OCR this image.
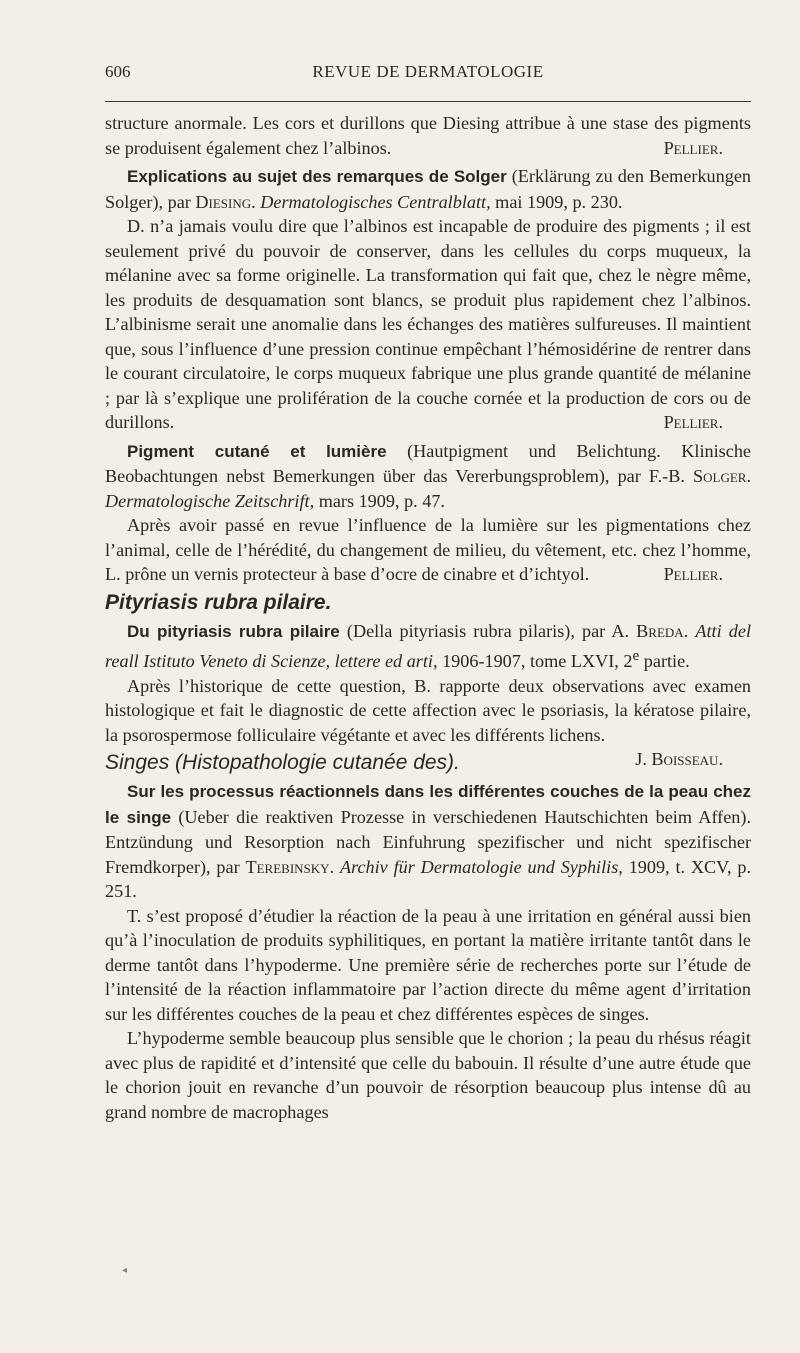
606	REVUE DE DERMATOLOGIE

structure anormale. Les cors et durillons que Diesing attribue à une stase des pigments se produisent également chez l’albinos.	Pellier.

Explications au sujet des remarques de Solger (Erklärung zu den Bemerkungen Solger), par Diesing. Dermatologisches Centralblatt, mai 1909, p. 230.

D. n’a jamais voulu dire que l’albinos est incapable de produire des pigments ; il est seulement privé du pouvoir de conserver, dans les cellules du corps muqueux, la mélanine avec sa forme originelle. La transformation qui fait que, chez le nègre même, les produits de desquamation sont blancs, se produit plus rapidement chez l’albinos. L’albinisme serait une anomalie dans les échanges des matières sulfureuses. Il maintient que, sous l’influence d’une pression continue empêchant l’hémosidérine de rentrer dans le courant circulatoire, le corps muqueux fabrique une plus grande quantité de mélanine ; par là s’explique une prolifération de la couche cornée et la production de cors ou de durillons.	Pellier.

Pigment cutané et lumière (Hautpigment und Belichtung. Klinische Beobachtungen nebst Bemerkungen über das Vererbungsproblem), par F.-B. Solger. Dermatologische Zeitschrift, mars 1909, p. 47.

Après avoir passé en revue l’influence de la lumière sur les pigmentations chez l’animal, celle de l’hérédité, du changement de milieu, du vêtement, etc. chez l’homme, L. prône un vernis protecteur à base d’ocre de cinabre et d’ichtyol.	Pellier.

Pityriasis rubra pilaire.

Du pityriasis rubra pilaire (Della pityriasis rubra pilaris), par A. Breda. Atti del reall Istituto Veneto di Scienze, lettere ed arti, 1906-1907, tome LXVI, 2e partie.

Après l’historique de cette question, B. rapporte deux observations avec examen histologique et fait le diagnostic de cette affection avec le psoriasis, la kératose pilaire, la psorospermose folliculaire végétante et avec les différents lichens.
J. Boisseau.

Singes (Histopathologie cutanée des).

Sur les processus réactionnels dans les différentes couches de la peau chez le singe (Ueber die reaktiven Prozesse in verschiedenen Hautschichten beim Affen). Entzündung und Resorption nach Einfuhrung spezifischer und nicht spezifischer Fremdkorper), par Terebinsky. Archiv für Dermatologie und Syphilis, 1909, t. XCV, p. 251.

T. s’est proposé d’étudier la réaction de la peau à une irritation en général aussi bien qu’à l’inoculation de produits syphilitiques, en portant la matière irritante tantôt dans le derme tantôt dans l’hypoderme. Une première série de recherches porte sur l’étude de l’intensité de la réaction inflammatoire par l’action directe du même agent d’irritation sur les différentes couches de la peau et chez différentes espèces de singes.

L’hypoderme semble beaucoup plus sensible que le chorion ; la peau du rhésus réagit avec plus de rapidité et d’intensité que celle du babouin. Il résulte d’une autre étude que le chorion jouit en revanche d’un pouvoir de résorption beaucoup plus intense dû au grand nombre de macrophages

◂
